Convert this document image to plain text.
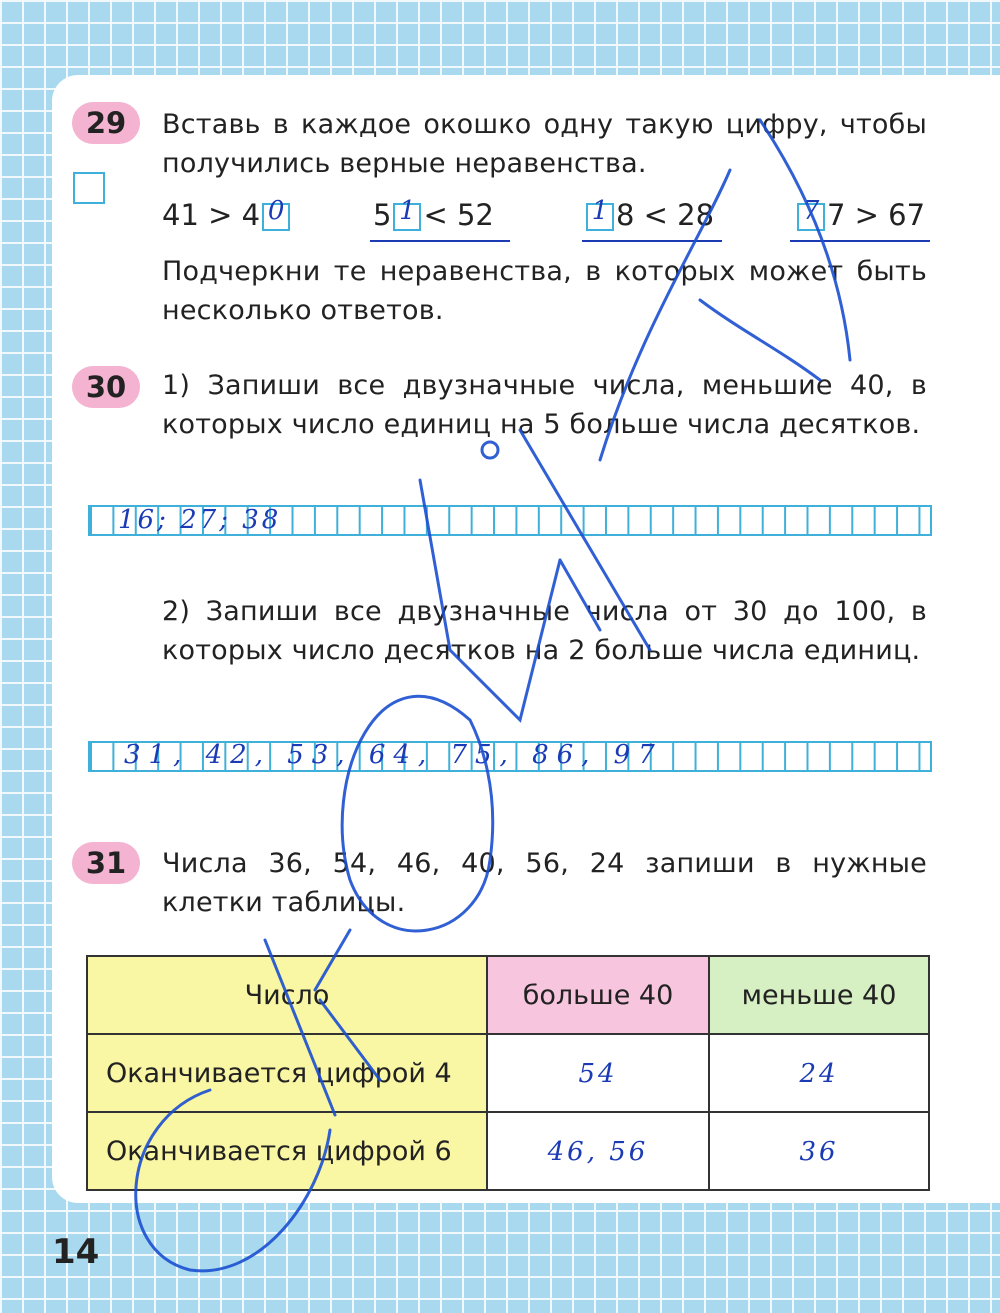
29	Вставь в каждое окошко одну такую цифру, чтобы получились верные неравенства.
41 > 4 0	5 1 < 52	1 8 < 28	7 7 > 67
Подчеркни те неравенства, в которых может быть несколько ответов.
30	1) Запиши все двузначные числа, меньшие 40, в которых число единиц на 5 больше числа десятков.
16; 27; 38
2) Запиши все двузначные числа от 30 до 100, в которых число десятков на 2 больше числа единиц.
31, 42, 53, 64, 75, 86, 97
31	Числа 36, 54, 46, 40, 56, 24 запиши в нужные клетки таблицы.
Число	больше 40	меньше 40
Оканчивается цифрой 4	54	24
Оканчивается цифрой 6	46, 56	36
14
